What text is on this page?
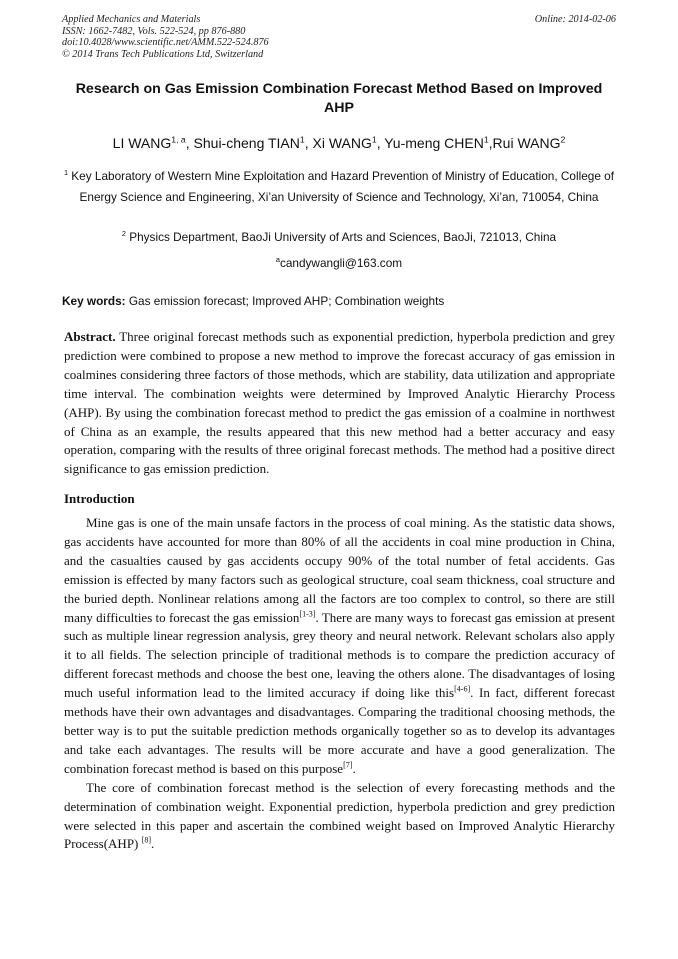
Applied Mechanics and Materials
ISSN: 1662-7482, Vols. 522-524, pp 876-880
doi:10.4028/www.scientific.net/AMM.522-524.876
© 2014 Trans Tech Publications Ltd, Switzerland
Online: 2014-02-06
Research on Gas Emission Combination Forecast Method Based on Improved AHP
LI WANG$^{1, a}$, Shui-cheng TIAN$^1$, Xi WANG$^1$, Yu-meng CHEN$^1$,Rui WANG$^2$
$^1$ Key Laboratory of Western Mine Exploitation and Hazard Prevention of Ministry of Education, College of Energy Science and Engineering, Xi’an University of Science and Technology, Xi’an, 710054, China
$^2$ Physics Department, BaoJi University of Arts and Sciences, BaoJi, 721013, China
$^a$candywangli@163.com
Key words: Gas emission forecast; Improved AHP; Combination weights
Abstract. Three original forecast methods such as exponential prediction, hyperbola prediction and grey prediction were combined to propose a new method to improve the forecast accuracy of gas emission in coalmines considering three factors of those methods, which are stability, data utilization and appropriate time interval. The combination weights were determined by Improved Analytic Hierarchy Process (AHP). By using the combination forecast method to predict the gas emission of a coalmine in northwest of China as an example, the results appeared that this new method had a better accuracy and easy operation, comparing with the results of three original forecast methods. The method had a positive direct significance to gas emission prediction.
Introduction

Mine gas is one of the main unsafe factors in the process of coal mining. As the statistic data shows, gas accidents have accounted for more than 80% of all the accidents in coal mine production in China, and the casualties caused by gas accidents occupy 90% of the total number of fetal accidents. Gas emission is effected by many factors such as geological structure, coal seam thickness, coal structure and the buried depth. Nonlinear relations among all the factors are too complex to control, so there are still many difficulties to forecast the gas emission[1-3]. There are many ways to forecast gas emission at present such as multiple linear regression analysis, grey theory and neural network. Relevant scholars also apply it to all fields. The selection principle of traditional methods is to compare the prediction accuracy of different forecast methods and choose the best one, leaving the others alone. The disadvantages of losing much useful information lead to the limited accuracy if doing like this[4-6]. In fact, different forecast methods have their own advantages and disadvantages. Comparing the traditional choosing methods, the better way is to put the suitable prediction methods organically together so as to develop its advantages and take each advantages. The results will be more accurate and have a good generalization. The combination forecast method is based on this purpose[7].

The core of combination forecast method is the selection of every forecasting methods and the determination of combination weight. Exponential prediction, hyperbola prediction and grey prediction were selected in this paper and ascertain the combined weight based on Improved Analytic Hierarchy Process(AHP) [8].
